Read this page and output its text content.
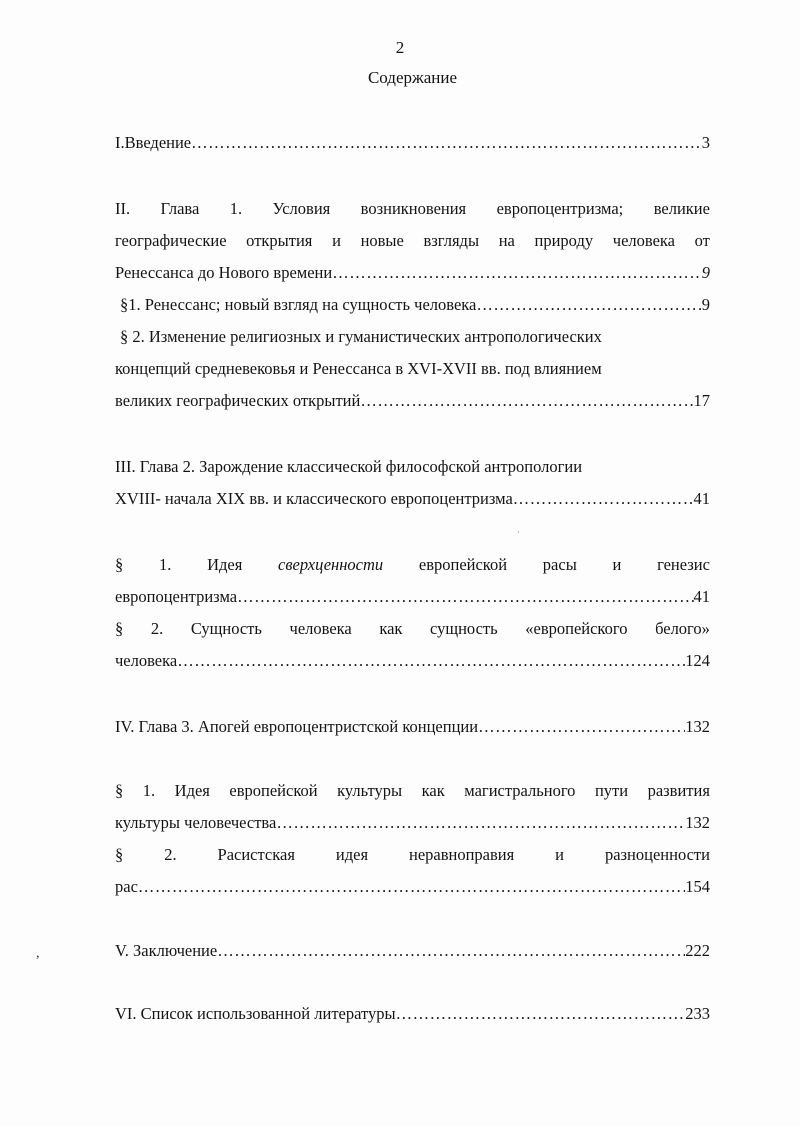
2
Содержание
I.Введение ………………………………………………………………………………………………………………………………………………………………	3
II. Глава 1. Условия возникновения европоцентризма; великие
географические открытия и новые взгляды на природу человека от
Ренессанса до Нового времени ………………………………………………………………………………………………………………………………………………………………	9
§1. Ренессанс; новый взгляд на сущность человека ………………………………………………………………………………………………………………………………………………………………	9
§ 2. Изменение религиозных и гуманистических антропологических
концепций средневековья и Ренессанса в XVI-XVII вв. под влиянием
великих географических открытий ………………………………………………………………………………………………………………………………………………………………	17
III. Глава 2. Зарождение классической философской антропологии
XVIII- начала XIX вв. и классического европоцентризма ………………………………………………………………………………………………………………………………………………………………	41
§ 1. Идея сверхценности европейской расы и генезис
европоцентризма ………………………………………………………………………………………………………………………………………………………………	41
§ 2. Сущность человека как сущность «европейского белого»
человека ………………………………………………………………………………………………………………………………………………………………	124
IV. Глава 3. Апогей европоцентристской концепции ………………………………………………………………………………………………………………………………………………………………	132
§ 1. Идея европейской культуры как магистрального пути развития
культуры человечества ………………………………………………………………………………………………………………………………………………………………	132
§ 2. Расистская идея неравноправия и разноценности
рас ………………………………………………………………………………………………………………………………………………………………	154
V. Заключение ………………………………………………………………………………………………………………………………………………………………	222
VI. Список использованной литературы ………………………………………………………………………………………………………………………………………………………………	233
,
·
